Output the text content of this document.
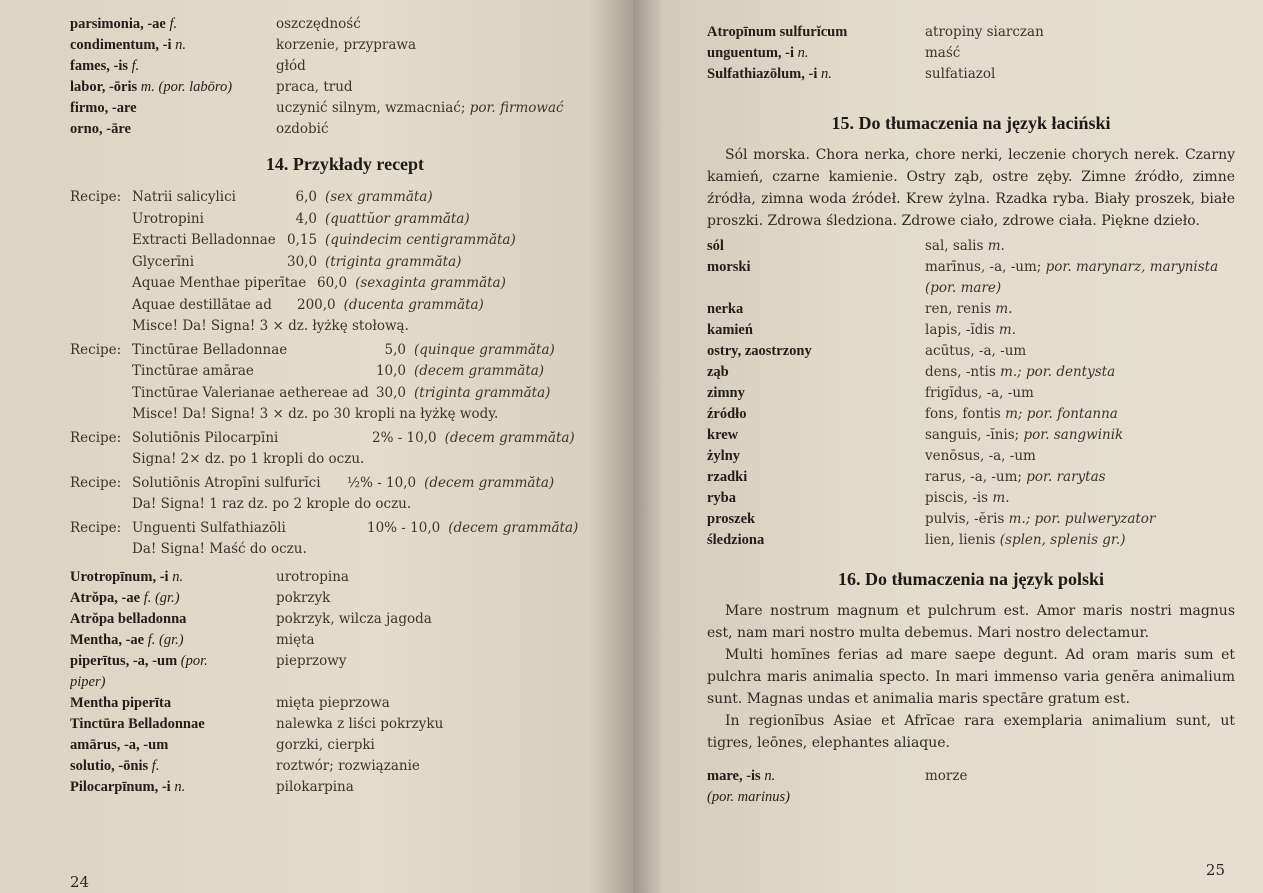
parsimonia, -ae f.	oszczędność
condimentum, -i n.	korzenie, przyprawa
fames, -is f.	głód
labor, -ōris m. (por. labōro)	praca, trud
firmo, -are	uczynić silnym, wzmacniać; por. firmować
orno, -āre	ozdobić
14. Przykłady recept
Recipe: Natrii salicylici	6,0 (sex grammăta)
Urotropini	4,0 (quattŭor grammăta)
Extracti Belladonnae 0,15 (quindecim centigrammăta)
Glycerīni	30,0 (triginta grammăta)
Aquae Menthae piperītae 60,0 (sexaginta grammăta)
Aquae destillātae ad	200,0 (ducenta grammăta)
Misce! Da! Signa! 3 × dz. łyżkę stołową.
Recipe: Tinctūrae Belladonnae	5,0 (quinque grammăta)
Tinctūrae amārae	10,0 (decem grammăta)
Tinctūrae Valerianae aethereae ad 30,0 (triginta grammăta)
Misce! Da! Signa! 3 × dz. po 30 kropli na łyżkę wody.
Recipe: Solutiōnis Pilocarpīni	2% - 10,0 (decem grammăta)
Signa! 2× dz. po 1 kropli do oczu.
Recipe: Solutiōnis Atropīni sulfurĭci	½% - 10,0 (decem grammăta)
Da! Signa! 1 raz dz. po 2 krople do oczu.
Recipe: Unguenti Sulfathiazōli	10% - 10,0 (decem grammăta)
Da! Signa! Maść do oczu.
Urotropīnum, -i n.	urotropina
Atrŏpa, -ae f. (gr.)	pokrzyk
Atrŏpa belladonna	pokrzyk, wilcza jagoda
Mentha, -ae f. (gr.)	mięta
piperītus, -a, -um (por.	pieprzowy
piper)
Mentha piperīta	mięta pieprzowa
Tinctūra Belladonnae	nalewka z liści pokrzyku
amārus, -a, -um	gorzki, cierpki
solutio, -ōnis f.	roztwór; rozwiązanie
Pilocarpīnum, -i n.	pilokarpina
24
Atropīnum sulfurĭcum	atropiny siarczan
unguentum, -i n.	maść
Sulfathiazōlum, -i n.	sulfatiazol
15. Do tłumaczenia na język łaciński

Sól morska. Chora nerka, chore nerki, leczenie chorych nerek. Czarny kamień, czarne kamienie. Ostry ząb, ostre zęby. Zimne źródło, zimne źródła, zimna woda źródeł. Krew żylna. Rzadka ryba. Biały proszek, białe proszki. Zdrowa śledziona. Zdrowe ciało, zdrowe ciała. Piękne dzieło.

sól	sal, salis m.
morski	marīnus, -a, -um; por. marynarz, marynista
(por. mare)
nerka	ren, renis m.
kamień	lapis, -ĭdis m.
ostry, zaostrzony	acūtus, -a, -um
ząb	dens, -ntis m.; por. dentysta
zimny	frigĭdus, -a, -um
źródło	fons, fontis m; por. fontanna
krew	sanguis, -ĭnis; por. sangwinik
żylny	venōsus, -a, -um
rzadki	rarus, -a, -um; por. rarytas
ryba	piscis, -is m.
proszek	pulvis, -ĕris m.; por. pulweryzator
śledziona	lien, lienis (splen, splenis gr.)
16. Do tłumaczenia na język polski

Mare nostrum magnum et pulchrum est. Amor maris nostri magnus est, nam mari nostro multa debemus. Mari nostro delectamur.

Multi homĭnes ferias ad mare saepe degunt. Ad oram maris sum et pulchra maris animalia specto. In mari immenso varia genĕra animalium sunt. Magnas undas et animalia maris spectāre gratum est.

In regionĭbus Asiae et Afrĭcae rara exemplaria animalium sunt, ut tigres, leōnes, elephantes aliaque.

mare, -is n.	morze
(por. marinus)
25
